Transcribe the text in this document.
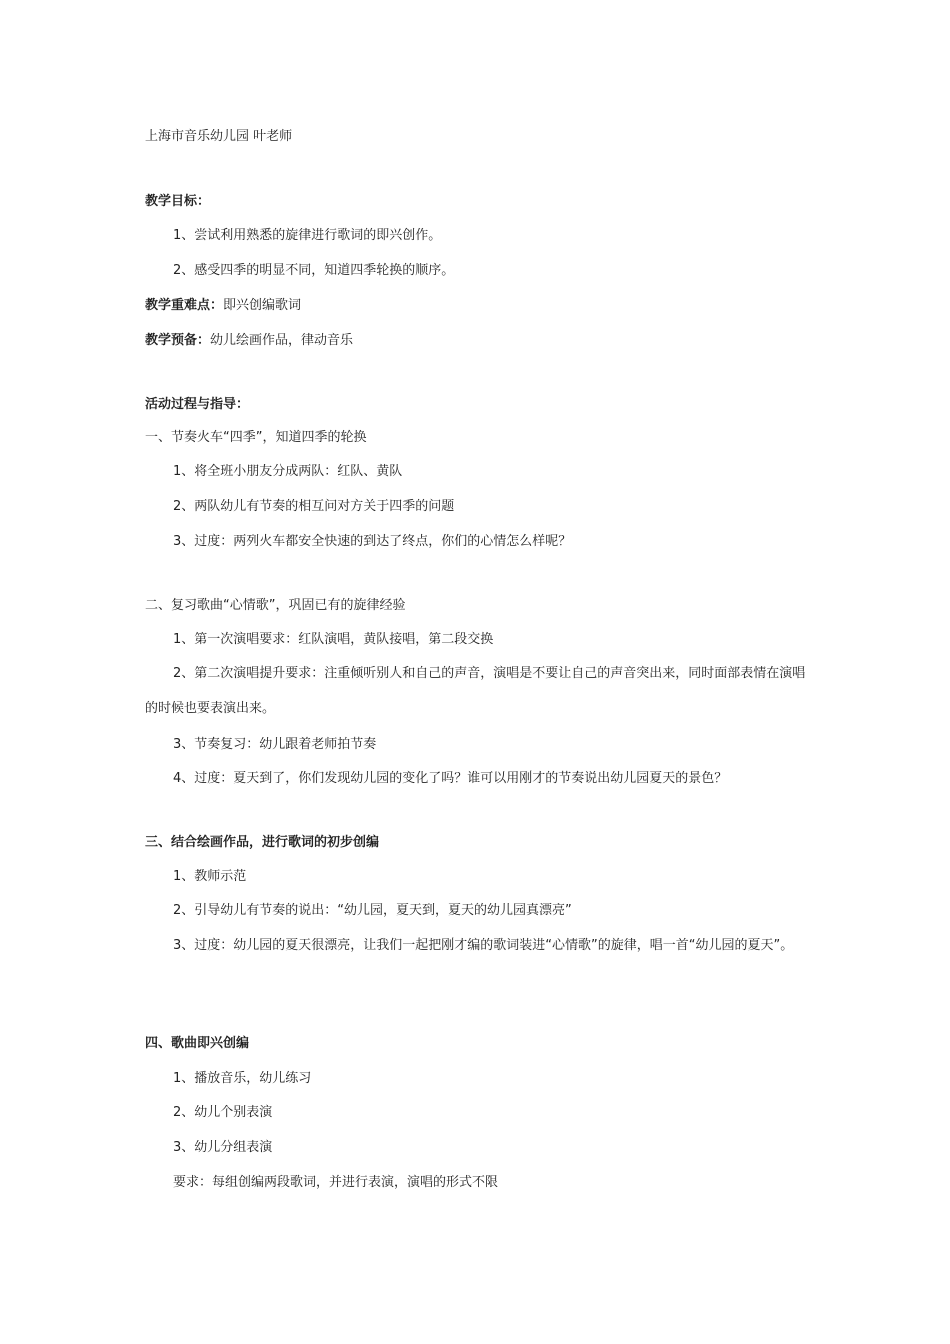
上海市音乐幼儿园 叶老师
教学目标：
1、尝试利用熟悉的旋律进行歌词的即兴创作。
2、感受四季的明显不同，知道四季轮换的顺序。
教学重难点：即兴创编歌词
教学预备：幼儿绘画作品，律动音乐
活动过程与指导：
一、节奏火车“四季”，知道四季的轮换
1、将全班小朋友分成两队：红队、黄队
2、两队幼儿有节奏的相互问对方关于四季的问题
3、过度：两列火车都安全快速的到达了终点，你们的心情怎么样呢？
二、复习歌曲“心情歌”，巩固已有的旋律经验
1、第一次演唱要求：红队演唱，黄队接唱，第二段交换
2、第二次演唱提升要求：注重倾听别人和自己的声音，演唱是不要让自己的声音突出来，同时面部表情在演唱的时候也要表演出来。
3、节奏复习：幼儿跟着老师拍节奏
4、过度：夏天到了，你们发现幼儿园的变化了吗？谁可以用刚才的节奏说出幼儿园夏天的景色？
三、结合绘画作品，进行歌词的初步创编
1、教师示范
2、引导幼儿有节奏的说出：“幼儿园，夏天到，夏天的幼儿园真漂亮”
3、过度：幼儿园的夏天很漂亮，让我们一起把刚才编的歌词装进“心情歌”的旋律，唱一首“幼儿园的夏天”。
四、歌曲即兴创编
1、播放音乐，幼儿练习
2、幼儿个别表演
3、幼儿分组表演
要求：每组创编两段歌词，并进行表演，演唱的形式不限
